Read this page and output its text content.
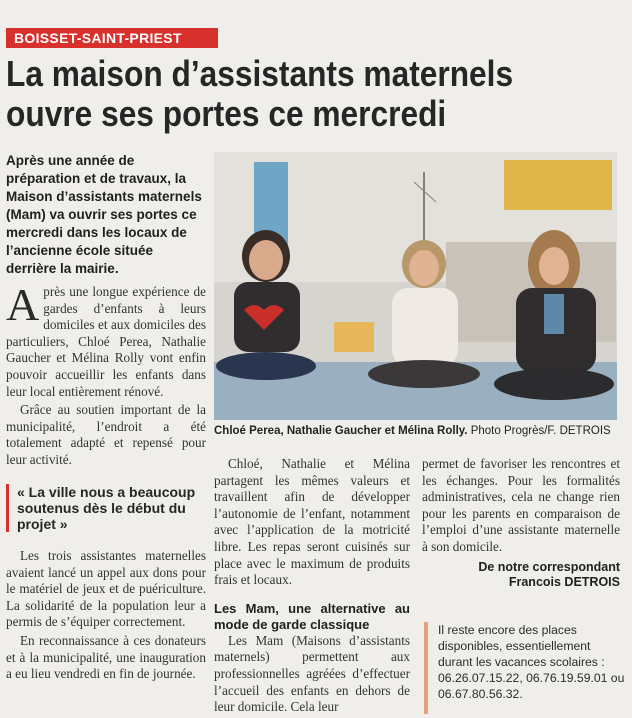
BOISSET-SAINT-PRIEST
La maison d’assistants maternels
ouvre ses portes ce mercredi
Après une année de préparation et de travaux, la Maison d’assistants maternels (Mam) va ouvrir ses portes ce mercredi dans les locaux de l’ancienne école située derrière la mairie.

Après une longue expérience de gardes d’enfants à leurs domiciles et aux domiciles des particuliers, Chloé Perea, Nathalie Gaucher et Mélina Rolly vont enfin pouvoir accueillir les enfants dans leur local entièrement rénové.

Grâce au soutien important de la municipalité, l’endroit a été totalement adapté et repensé pour leur activité.

« La ville nous a beaucoup soutenus dès le début du projet »

Les trois assistantes maternelles avaient lancé un appel aux dons pour le matériel de jeux et de puériculture. La solidarité de la population leur a permis de s’équiper correctement.

En reconnaissance à ces donateurs et à la municipalité, une inauguration a eu lieu vendredi en fin de journée.

Chloé Perea, Nathalie Gaucher et Mélina Rolly. Photo Progrès/F. DETROIS

Chloé, Nathalie et Mélina partagent les mêmes valeurs et travaillent afin de développer l’autonomie de l’enfant, notamment avec l’application de la motricité libre. Les repas seront cuisinés sur place avec le maximum de produits frais et locaux.

Les Mam, une alternative au mode de garde classique

Les Mam (Maisons d’assistants maternels) permettent aux professionnelles agréées d’effectuer l’accueil des enfants en dehors de leur domicile. Cela leur

permet de favoriser les rencontres et les échanges. Pour les formalités administratives, cela ne change rien pour les parents en comparaison de l’emploi d’une assistante maternelle à son domicile.

De notre correspondant
Francois DETROIS
Il reste encore des places disponibles, essentiellement durant les vacances scolaires : 06.26.07.15.22, 06.76.19.59.01 ou 06.67.80.56.32.
